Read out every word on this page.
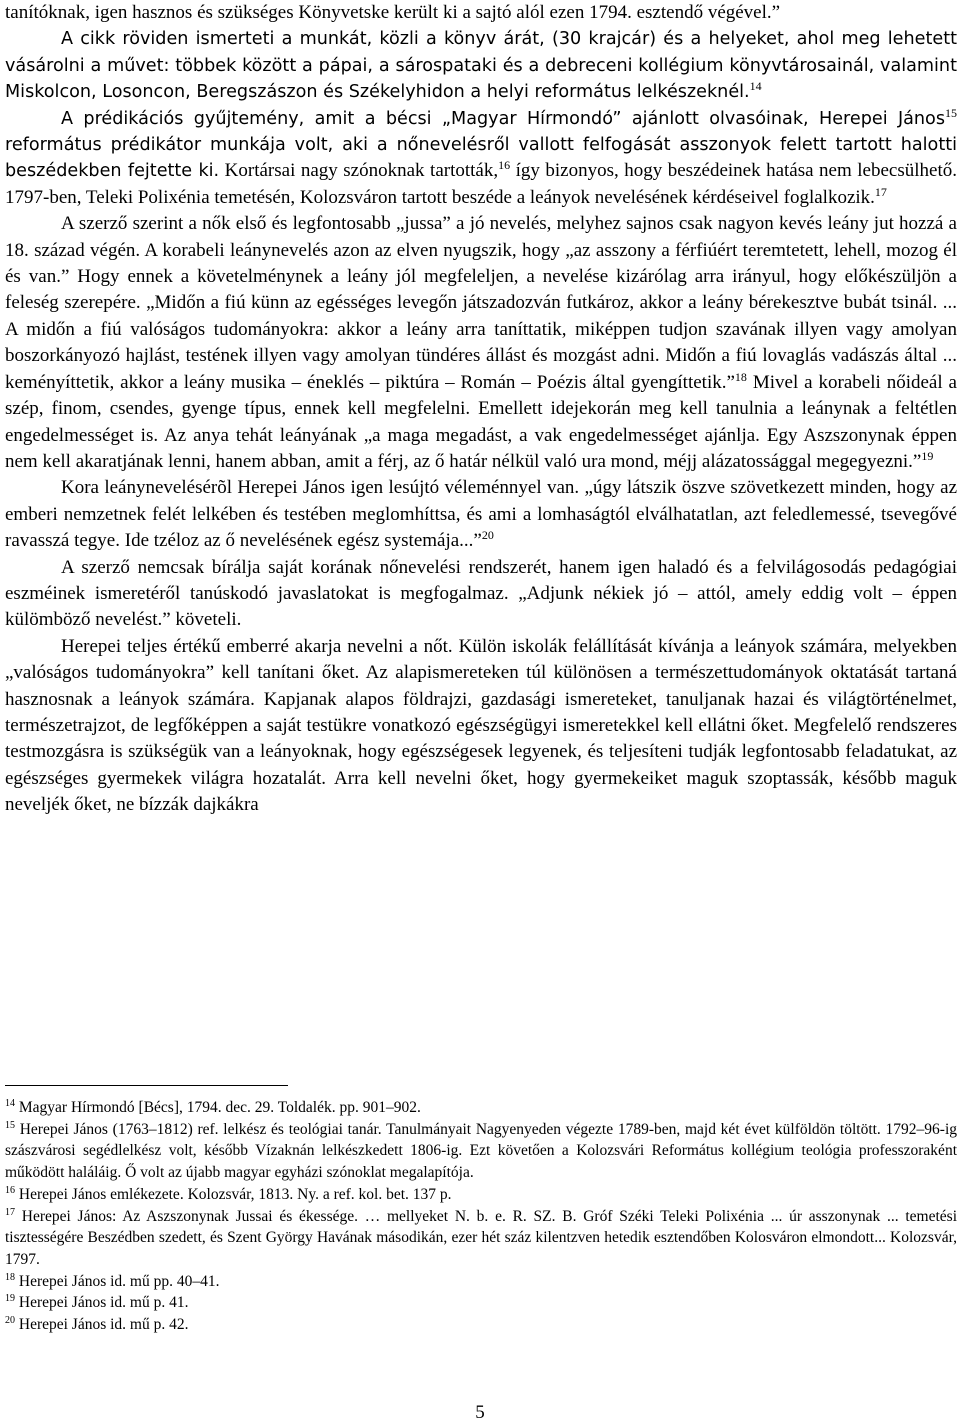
tanítóknak, igen hasznos és szükséges Könyvetske került ki a sajtó alól ezen 1794. esztendő végével.”

A cikk röviden ismerteti a munkát, közli a könyv árát, (30 krajcár) és a helyeket, ahol meg lehetett vásárolni a művet: többek között a pápai, a sárospataki és a debreceni kollégium könyvtárosainál, valamint Miskolcon, Losoncon, Beregszászon és Székelyhidon a helyi református lelkészeknél.$^{14}$

A prédikációs gyűjtemény, amit a bécsi „Magyar Hírmondó” ajánlott olvasóinak, Herepei János$^{15}$ református prédikátor munkája volt, aki a nőnevelésről vallott felfogását asszonyok felett tartott halotti beszédekben fejtette ki. Kortársai nagy szónoknak tartották,$^{16}$ így bizonyos, hogy beszédeinek hatása nem lebecsülhető. 1797-ben, Teleki Polixénia temetésén, Kolozsváron tartott beszéde a leányok nevelésének kérdéseivel foglalkozik.$^{17}$

A szerző szerint a nők első és legfontosabb „jussa” a jó nevelés, melyhez sajnos csak nagyon kevés leány jut hozzá a 18. század végén. A korabeli leánynevelés azon az elven nyugszik, hogy „az asszony a férfiúért teremtetett, lehell, mozog él és van.” Hogy ennek a követelménynek a leány jól megfeleljen, a nevelése kizárólag arra irányul, hogy előkészüljön a feleség szerepére. „Midőn a fiú künn az egésséges levegőn játszadozván futkároz, akkor a leány bérekesztve bubát tsinál. ... A midőn a fiú valóságos tudományokra: akkor a leány arra taníttatik, miképpen tudjon szavának illyen vagy amolyan boszorkányozó hajlást, testének illyen vagy amolyan tündéres állást és mozgást adni. Midőn a fiú lovaglás vadászás által ... keményíttetik, akkor a leány musika – éneklés – piktúra – Román – Poézis által gyengíttetik.”$^{18}$ Mivel a korabeli nőideál a szép, finom, csendes, gyenge típus, ennek kell megfelelni. Emellett idejekorán meg kell tanulnia a leánynak a feltétlen engedelmességet is. Az anya tehát leányának „a maga megadást, a vak engedelmességet ajánlja. Egy Aszszonynak éppen nem kell akaratjának lenni, hanem abban, amit a férj, az ő határ nélkül való ura mond, méjj alázatossággal megegyezni.”$^{19}$

Kora leánynevelésérõl Herepei János igen lesújtó véleménnyel van. „úgy látszik öszve szövetkezett minden, hogy az emberi nemzetnek felét lelkében és testében meglomhíttsa, és ami a lomhaságtól elválhatatlan, azt feledlemessé, tsevegővé ravasszá tegye. Ide tzéloz az ő nevelésének egész systemája...”$^{20}$

A szerző nemcsak bírálja saját korának nőnevelési rendszerét, hanem igen haladó és a felvilágosodás pedagógiai eszméinek ismeretéről tanúskodó javaslatokat is megfogalmaz. „Adjunk nékiek jó – attól, amely eddig volt – éppen külömböző nevelést.” követeli.

Herepei teljes értékű emberré akarja nevelni a nőt. Külön iskolák felállítását kívánja a leányok számára, melyekben „valóságos tudományokra” kell tanítani őket. Az alapismereteken túl különösen a természettudományok oktatását tartaná hasznosnak a leányok számára. Kapjanak alapos földrajzi, gazdasági ismereteket, tanuljanak hazai és világtörténelmet, természetrajzot, de legfőképpen a saját testükre vonatkozó egészségügyi ismeretekkel kell ellátni őket. Megfelelő rendszeres testmozgásra is szükségük van a leányoknak, hogy egészségesek legyenek, és teljesíteni tudják legfontosabb feladatukat, az egészséges gyermekek világra hozatalát. Arra kell nevelni őket, hogy gyermekeiket maguk szoptassák, később maguk neveljék őket, ne bízzák dajkákra

$^{14}$ Magyar Hírmondó [Bécs], 1794. dec. 29. Toldalék. pp. 901–902.

$^{15}$ Herepei János (1763–1812) ref. lelkész és teológiai tanár. Tanulmányait Nagyenyeden végezte 1789-ben, majd két évet külföldön töltött. 1792–96-ig szászvárosi segédlelkész volt, később Vízaknán lelkészkedett 1806-ig. Ezt követően a Kolozsvári Református kollégium teológia professzoraként működött haláláig. Ő volt az újabb magyar egyházi szónoklat megalapítója.

$^{16}$ Herepei János emlékezete. Kolozsvár, 1813. Ny. a ref. kol. bet. 137 p.

$^{17}$ Herepei János: Az Aszszonynak Jussai és ékessége. … mellyeket N. b. e. R. SZ. B. Gróf Széki Teleki Polixénia ... úr asszonynak ... temetési tisztességére Beszédben szedett, és Szent György Havának másodikán, ezer hét száz kilentzven hetedik esztendőben Kolosváron elmondott... Kolozsvár, 1797.

$^{18}$ Herepei János id. mű pp. 40–41.

$^{19}$ Herepei János id. mű p. 41.

$^{20}$ Herepei János id. mű p. 42.

5
